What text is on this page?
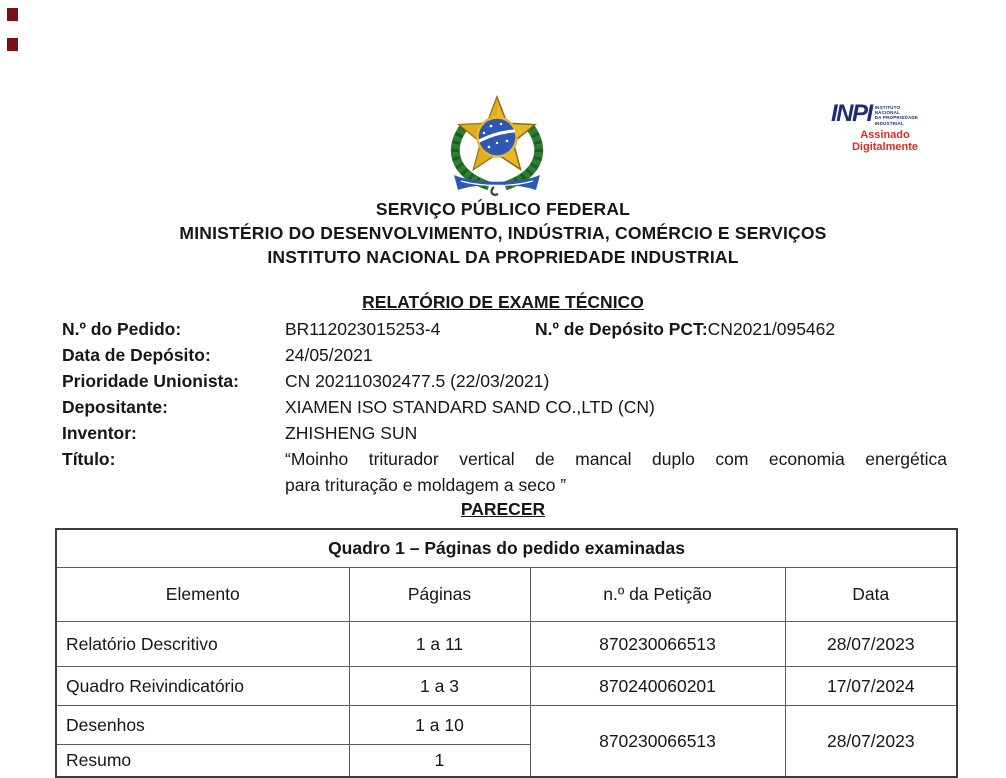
INPI INSTITUTO
NACIONAL
DA PROPRIEDADE
INDUSTRIAL
Assinado
Digitalmente
SERVIÇO PÚBLICO FEDERAL
MINISTÉRIO DO DESENVOLVIMENTO, INDÚSTRIA, COMÉRCIO E SERVIÇOS
INSTITUTO NACIONAL DA PROPRIEDADE INDUSTRIAL
RELATÓRIO DE EXAME TÉCNICO
N.º do Pedido:	BR112023015253-4	N.º de Depósito PCT: CN2021/095462
Data de Depósito:	24/05/2021
Prioridade Unionista:	CN 202110302477.5 (22/03/2021)
Depositante:	XIAMEN ISO STANDARD SAND CO.,LTD (CN)
Inventor:	ZHISHENG SUN
Título:	“Moinho triturador vertical de mancal duplo com economia energética
para trituração e moldagem a seco ”
PARECER
Quadro 1 – Páginas do pedido examinadas			
Elemento	Páginas	n.º da Petição	Data
Relatório Descritivo	1 a 11	870230066513	28/07/2023
Quadro Reivindicatório	1 a 3	870240060201	17/07/2024
Desenhos	1 a 10	870230066513	28/07/2023
Resumo	1		
